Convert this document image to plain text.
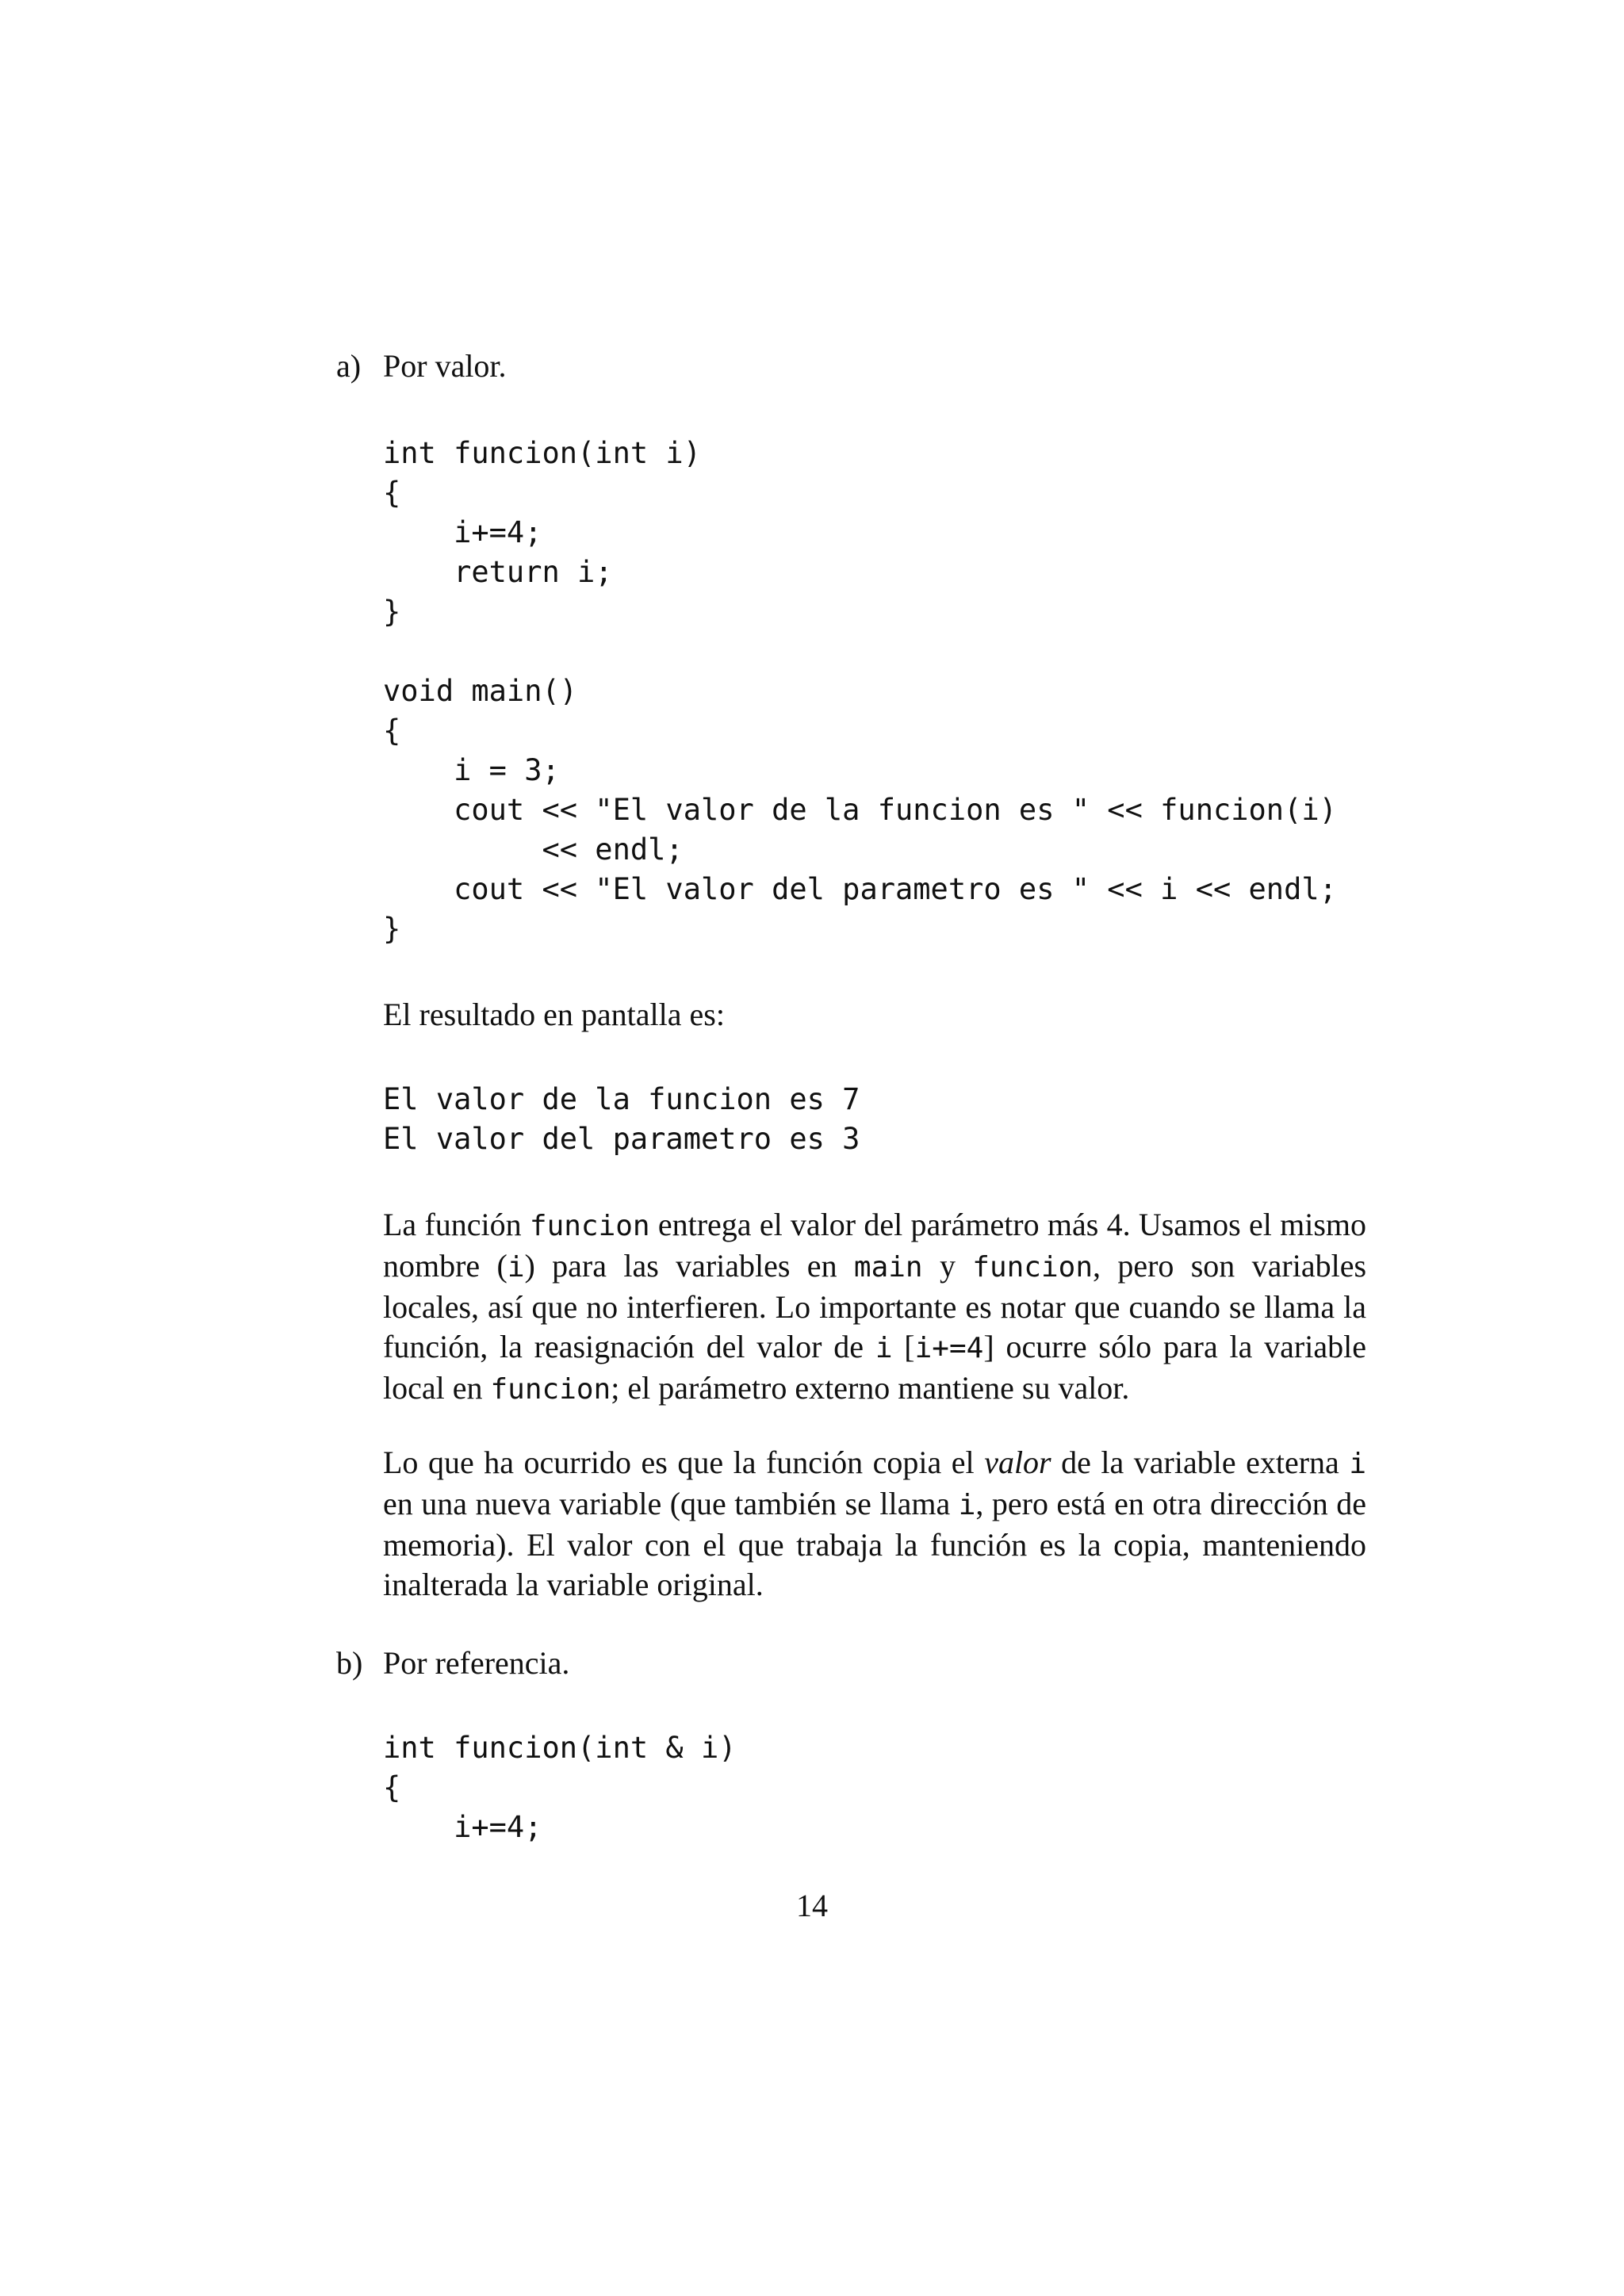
a) Por valor.
int funcion(int i)
{
i+=4;
return i;
}
void main()
{
i = 3;
cout << "El valor de la funcion es " << funcion(i)
<< endl;
cout << "El valor del parametro es " << i << endl;
}
El resultado en pantalla es:
El valor de la funcion es 7
El valor del parametro es 3
La función funcion entrega el valor del parámetro más 4. Usamos el mismo nombre (i) para las variables en main y funcion, pero son variables locales, así que no interfieren. Lo importante es notar que cuando se llama la función, la reasignación del valor de i [i+=4] ocurre sólo para la variable local en funcion; el parámetro externo mantiene su valor.
Lo que ha ocurrido es que la función copia el valor de la variable externa i en una nueva variable (que también se llama i, pero está en otra dirección de memoria). El valor con el que trabaja la función es la copia, manteniendo inalterada la variable original.
b) Por referencia.
int funcion(int & i)
{
i+=4;
14
